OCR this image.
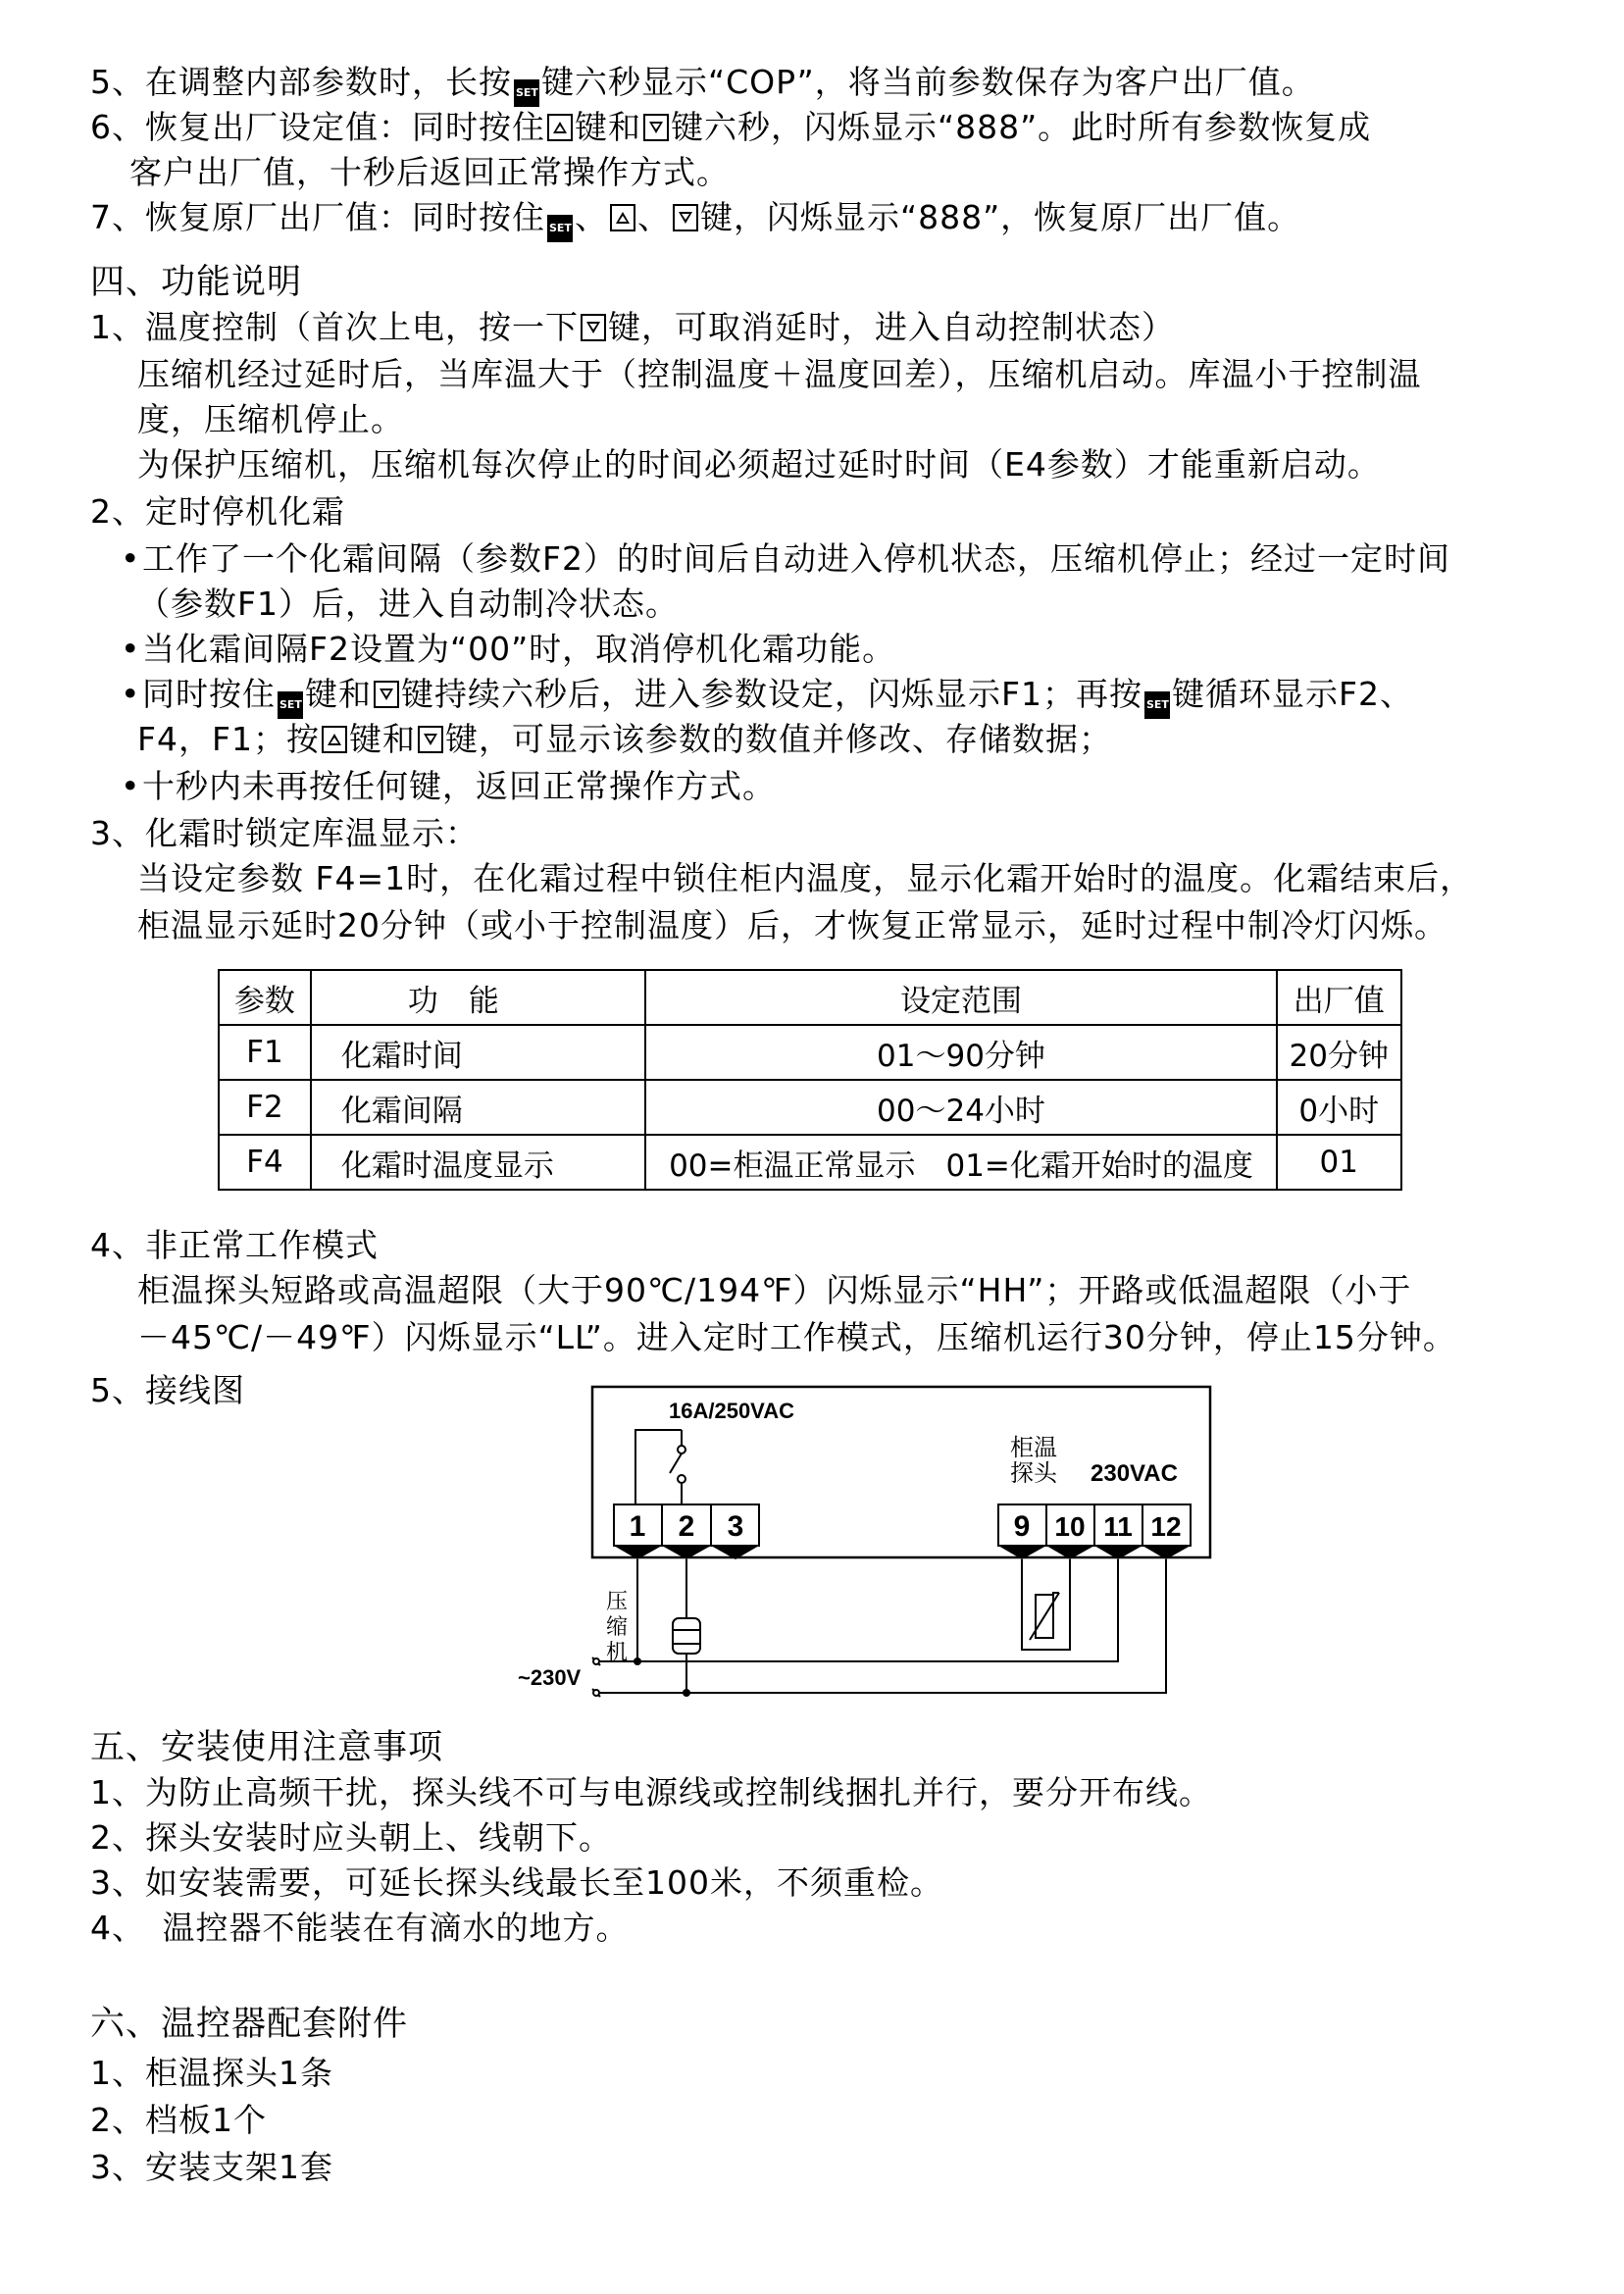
5、在调整内部参数时，长按 SET键六秒显示“COP”，将当前参数保存为客户出厂值。
6、恢复出厂设定值：同时按住 键和 键六秒，闪烁显示“888”。此时所有参数恢复成
客户出厂值，十秒后返回正常操作方式。
7、恢复原厂出厂值：同时按住 SET、 、 键，闪烁显示“888”，恢复原厂出厂值。
四、功能说明
1、温度控制（首次上电，按一下 键，可取消延时，进入自动控制状态）
压缩机经过延时后，当库温大于（控制温度＋温度回差），压缩机启动。库温小于控制温
度，压缩机停止。
为保护压缩机，压缩机每次停止的时间必须超过延时时间（E4参数）才能重新启动。
2、定时停机化霜
• 工作了一个化霜间隔（参数F2）的时间后自动进入停机状态，压缩机停止；经过一定时间
（参数F1）后，进入自动制冷状态。
• 当化霜间隔F2设置为“00”时，取消停机化霜功能。
• 同时按住 SET键和 键持续六秒后，进入参数设定，闪烁显示F1；再按 SET键循环显示F2、
F4，F1；按 键和 键，可显示该参数的数值并修改、存储数据；
• 十秒内未再按任何键，返回正常操作方式。
3、化霜时锁定库温显示：
当设定参数 F4=1时，在化霜过程中锁住柜内温度，显示化霜开始时的温度。化霜结束后，
柜温显示延时20分钟（或小于控制温度）后，才恢复正常显示，延时过程中制冷灯闪烁。
参数	功　能	设定范围	出厂值
F1	化霜时间	01～90分钟	20分钟
F2	化霜间隔	00～24小时	0小时
F4	化霜时温度显示	00=柜温正常显示　01=化霜开始时的温度	01
4、非正常工作模式
柜温探头短路或高温超限（大于90℃/194℉）闪烁显示“HH”；开路或低温超限（小于
－45℃/－49℉）闪烁显示“LL”。进入定时工作模式，压缩机运行30分钟，停止15分钟。
5、接线图
16A/250VAC
1 2 3	9 10 11 12
柜温
探头 230VAC
压
缩
机
~230V
五、安装使用注意事项
1、为防止高频干扰，探头线不可与电源线或控制线捆扎并行，要分开布线。
2、探头安装时应头朝上、线朝下。
3、如安装需要，可延长探头线最长至100米，不须重检。
4、　温控器不能装在有滴水的地方。
六、温控器配套附件
1、柜温探头1条
2、档板1个
3、安装支架1套
